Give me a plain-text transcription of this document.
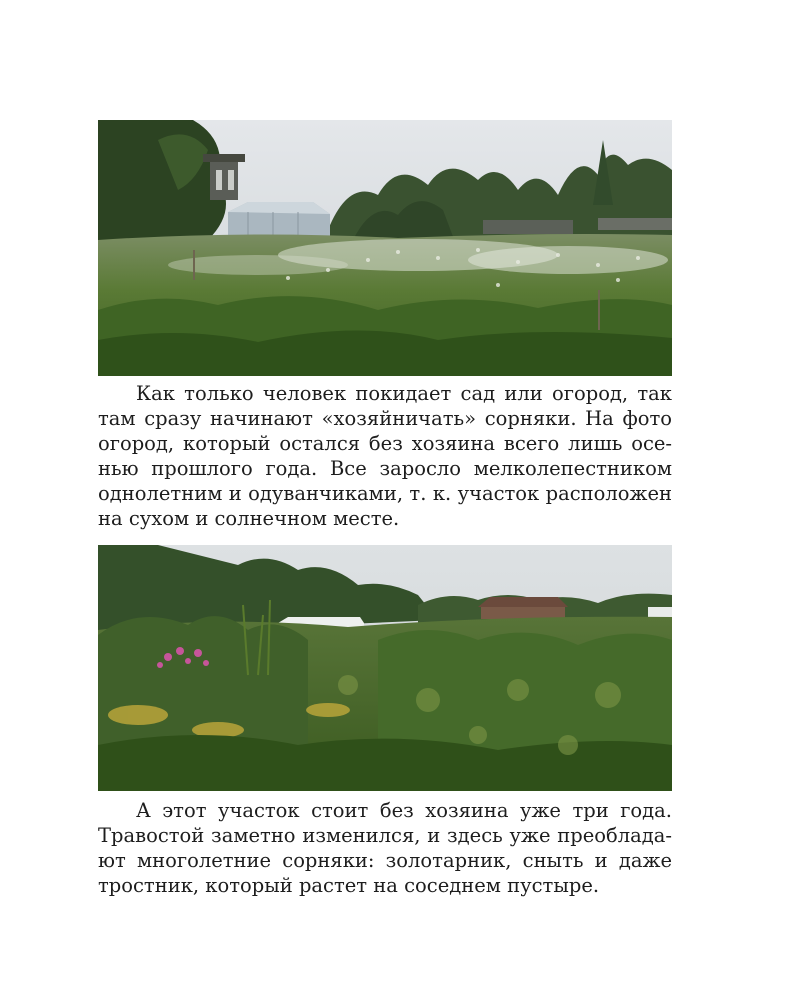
Как только человек покидает сад или огород, так
там сразу начинают «хозяйничать» сорняки. На фото
огород, который остался без хозяина всего лишь осе-
нью прошлого года. Все заросло мелколепестником
однолетним и одуванчиками, т. к. участок расположен
на сухом и солнечном месте.

А этот участок стоит без хозяина уже три года.
Травостой заметно изменился, и здесь уже преоблада-
ют многолетние сорняки: золотарник, сныть и даже
тростник, который растет на соседнем пустыре.
